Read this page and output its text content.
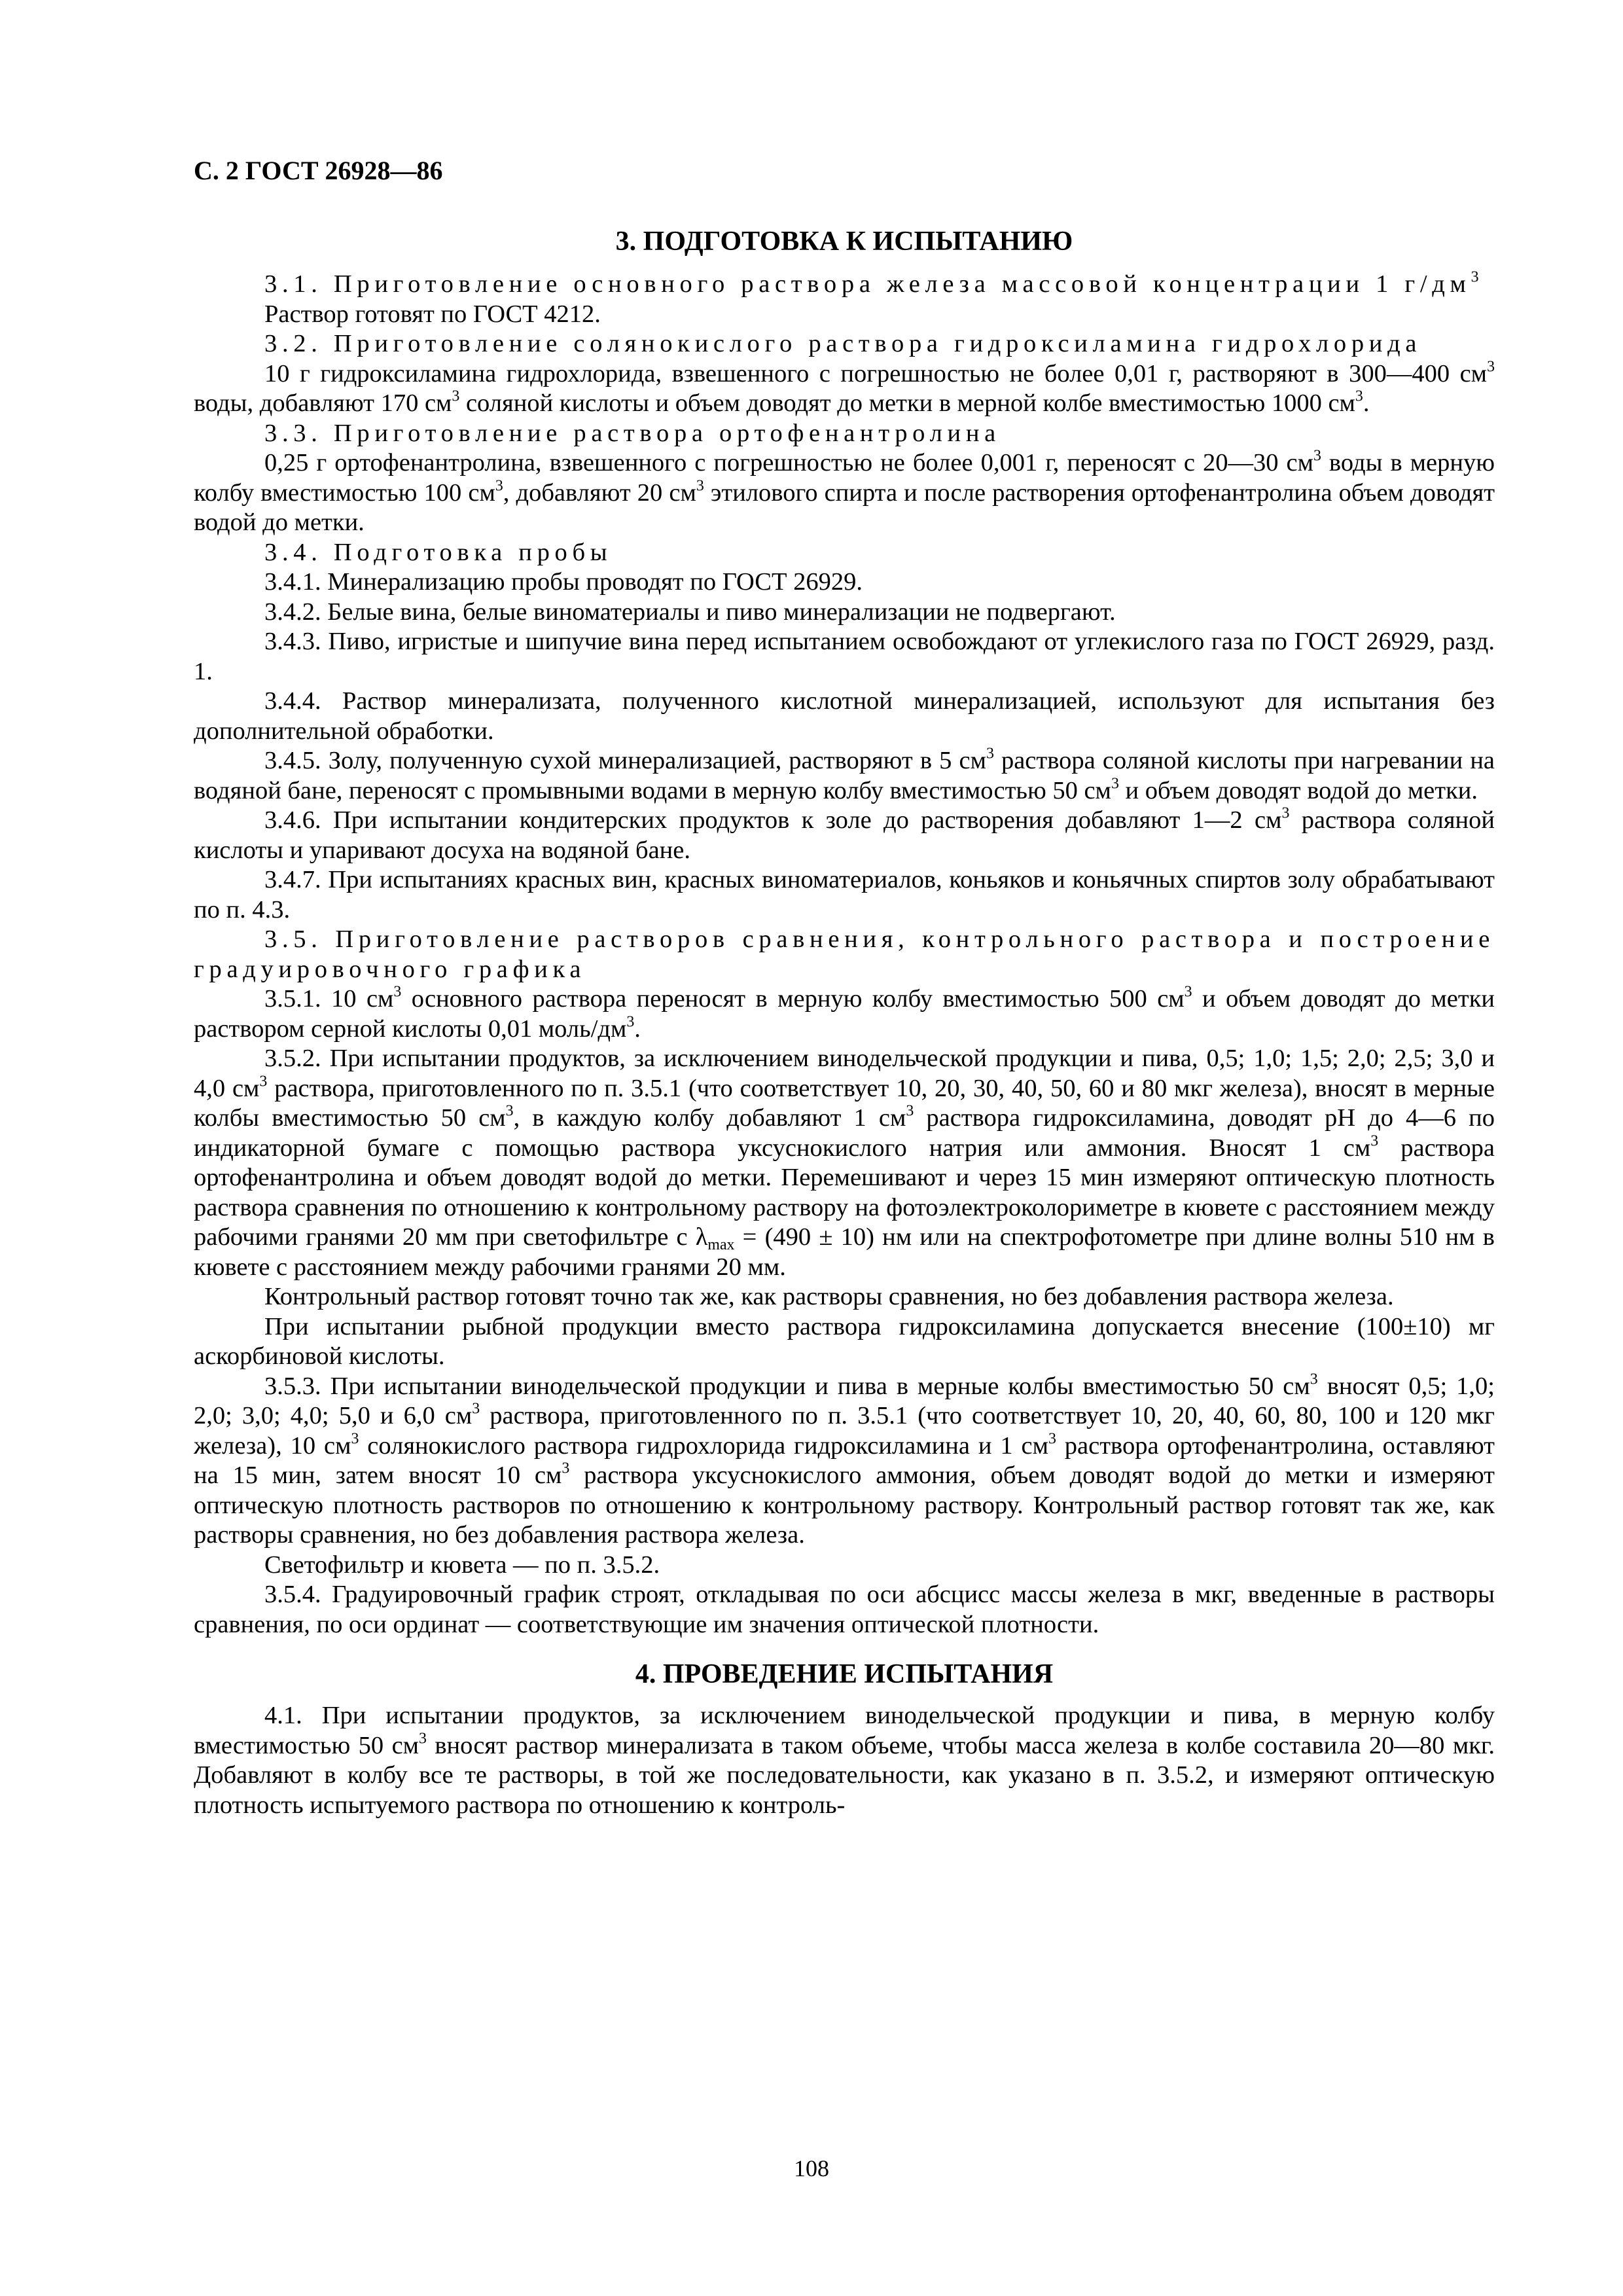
С. 2 ГОСТ 26928—86
3. ПОДГОТОВКА К ИСПЫТАНИЮ

3.1. Приготовление основного раствора железа массовой концентрации 1 $г/дм^3$

Раствор готовят по ГОСТ 4212.

3.2. Приготовление солянокислого раствора гидроксиламина гидрохлорида

10 г гидроксиламина гидрохлорида, взвешенного с погрешностью не более 0,01 г, растворяют в 300—400 $см^3$ воды, добавляют 170 $см^3$ соляной кислоты и объем доводят до метки в мерной колбе вместимостью 1000 $см^3$.

3.3. Приготовление раствора ортофенантролина

0,25 г ортофенантролина, взвешенного с погрешностью не более 0,001 г, переносят с 20—30 $см^3$ воды в мерную колбу вместимостью 100 $см^3$, добавляют 20 $см^3$ этилового спирта и после растворения ортофенантролина объем доводят водой до метки.

3.4. Подготовка пробы

3.4.1. Минерализацию пробы проводят по ГОСТ 26929.

3.4.2. Белые вина, белые виноматериалы и пиво минерализации не подвергают.

3.4.3. Пиво, игристые и шипучие вина перед испытанием освобождают от углекислого газа по ГОСТ 26929, разд. 1.

3.4.4. Раствор минерализата, полученного кислотной минерализацией, используют для испытания без дополнительной обработки.

3.4.5. Золу, полученную сухой минерализацией, растворяют в 5 $см^3$ раствора соляной кислоты при нагревании на водяной бане, переносят с промывными водами в мерную колбу вместимостью 50 $см^3$ и объем доводят водой до метки.

3.4.6. При испытании кондитерских продуктов к золе до растворения добавляют 1—2 $см^3$ раствора соляной кислоты и упаривают досуха на водяной бане.

3.4.7. При испытаниях красных вин, красных виноматериалов, коньяков и коньячных спиртов золу обрабатывают по п. 4.3.

3.5. Приготовление растворов сравнения, контрольного раствора и построение градуировочного графика

3.5.1. 10 $см^3$ основного раствора переносят в мерную колбу вместимостью 500 $см^3$ и объем доводят до метки раствором серной кислоты 0,01 моль/$дм^3$.

3.5.2. При испытании продуктов, за исключением винодельческой продукции и пива, 0,5; 1,0; 1,5; 2,0; 2,5; 3,0 и 4,0 $см^3$ раствора, приготовленного по п. 3.5.1 (что соответствует 10, 20, 30, 40, 50, 60 и 80 мкг железа), вносят в мерные колбы вместимостью 50 $см^3$, в каждую колбу добавляют 1 $см^3$ раствора гидроксиламина, доводят pH до 4—6 по индикаторной бумаге с помощью раствора уксуснокислого натрия или аммония. Вносят 1 $см^3$ раствора ортофенантролина и объем доводят водой до метки. Перемешивают и через 15 мин измеряют оптическую плотность раствора сравнения по отношению к контрольному раствору на фотоэлектроколориметре в кювете с расстоянием между рабочими гранями 20 мм при светофильтре с $\lambda_{max} = (490 \pm 10)$ нм или на спектрофотометре при длине волны 510 нм в кювете с расстоянием между рабочими гранями 20 мм.

Контрольный раствор готовят точно так же, как растворы сравнения, но без добавления раствора железа.

При испытании рыбной продукции вместо раствора гидроксиламина допускается внесение (100±10) мг аскорбиновой кислоты.

3.5.3. При испытании винодельческой продукции и пива в мерные колбы вместимостью 50 $см^3$ вносят 0,5; 1,0; 2,0; 3,0; 4,0; 5,0 и 6,0 $см^3$ раствора, приготовленного по п. 3.5.1 (что соответствует 10, 20, 40, 60, 80, 100 и 120 мкг железа), 10 $см^3$ солянокислого раствора гидрохлорида гидроксиламина и 1 $см^3$ раствора ортофенантролина, оставляют на 15 мин, затем вносят 10 $см^3$ раствора уксуснокислого аммония, объем доводят водой до метки и измеряют оптическую плотность растворов по отношению к контрольному раствору. Контрольный раствор готовят так же, как растворы сравнения, но без добавления раствора железа.

Светофильтр и кювета — по п. 3.5.2.

3.5.4. Градуировочный график строят, откладывая по оси абсцисс массы железа в мкг, введенные в растворы сравнения, по оси ординат — соответствующие им значения оптической плотности.

4. ПРОВЕДЕНИЕ ИСПЫТАНИЯ

4.1. При испытании продуктов, за исключением винодельческой продукции и пива, в мерную колбу вместимостью 50 $см^3$ вносят раствор минерализата в таком объеме, чтобы масса железа в колбе составила 20—80 мкг. Добавляют в колбу все те растворы, в той же последовательности, как указано в п. 3.5.2, и измеряют оптическую плотность испытуемого раствора по отношению к контроль-

108
